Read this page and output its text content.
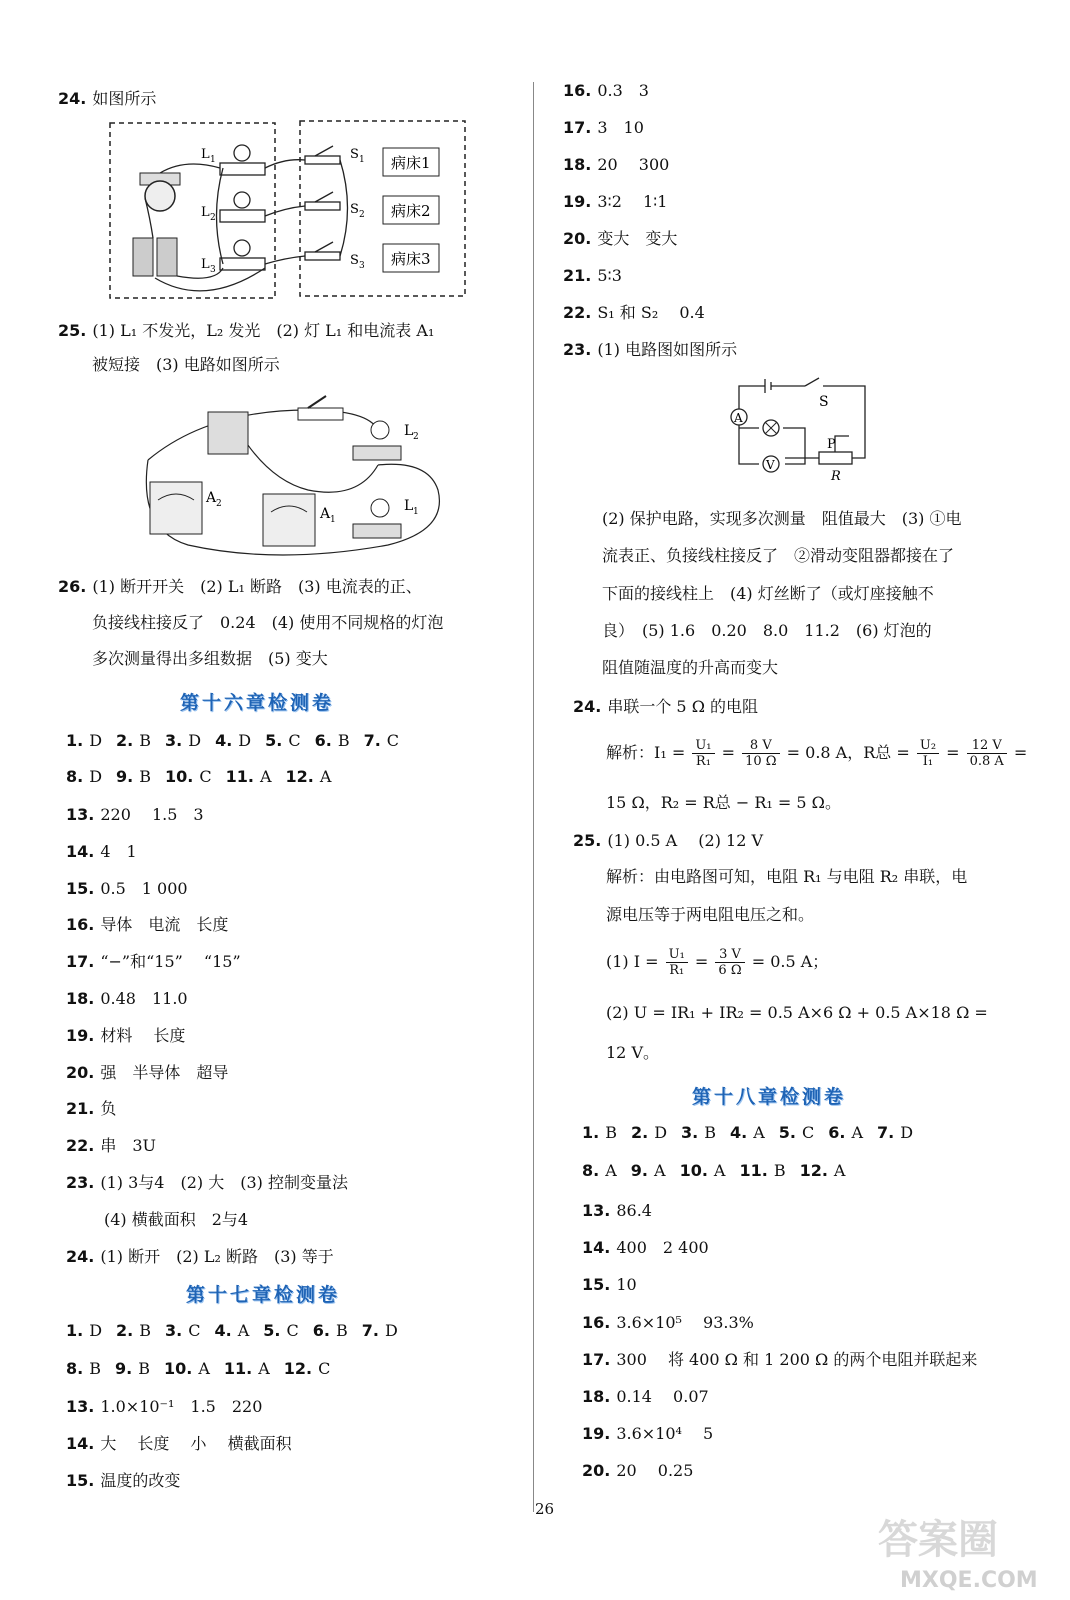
24. 如图所示
L 1
L 2
L 3
S 1
S 2
S 3
病床1
病床2
病床3
25. (1) L₁ 不发光，L₂ 发光　(2) 灯 L₁ 和电流表 A₁
被短接　(3) 电路如图所示
A 2
A 1
L 2
L 1
26. (1) 断开开关　(2) L₁ 断路　(3) 电流表的正、
负接线柱接反了　0.24　(4) 使用不同规格的灯泡
多次测量得出多组数据　(5) 变大
第十六章检测卷
1. D 2. B 3. D 4. D 5. C 6. B 7. C
8. D 9. B 10. C 11. A 12. A
13. 220　 1.5　3
14. 4　1
15. 0.5　1 000
16. 导体　电流　长度
17. “−”和“15”　 “15”
18. 0.48　11.0
19. 材料　 长度
20. 强　半导体　超导
21. 负
22. 串　3U
23. (1) 3与4　(2) 大　(3) 控制变量法
(4) 横截面积　2与4
24. (1) 断开　(2) L₂ 断路　(3) 等于
第十七章检测卷
1. D 2. B 3. C 4. A 5. C 6. B 7. D
8. B 9. B 10. A 11. A 12. C
13. 1.0×10⁻¹　1.5　220
14. 大　 长度　 小　 横截面积
15. 温度的改变
16. 0.3　3
17. 3　10
18. 20　 300
19. 3∶2　 1∶1
20. 变大　变大
21. 5∶3
22. S₁ 和 S₂　 0.4
23. (1) 电路图如图所示
A
V
S
P
R
(2) 保护电路，实现多次测量　阻值最大　(3) ①电
流表正、负接线柱接反了　②滑动变阻器都接在了
下面的接线柱上　(4) 灯丝断了（或灯座接触不
良）　(5) 1.6　0.20　8.0　11.2　(6) 灯泡的
阻值随温度的升高而变大
24. 串联一个 5 Ω 的电阻
解析：$I_1 = \frac{\text{U₁}}{\text{R₁}} = \frac{8 V}{10 \Omega} = 0.8$ A，R总 = $\frac{\text{U₂}}{\text{I₁}} = \frac{12 V}{0.8 A}$ =
15 Ω，R₂ = R总 − R₁ = 5 Ω。
25. (1) 0.5 A　 (2) 12 V
解析：由电路图可知，电阻 R₁ 与电阻 R₂ 串联，电
源电压等于两电阻电压之和。
(1) $I = \frac{\text{U₁}}{\text{R₁}} = \frac{3 V}{6 \Omega} = 0.5$ A；
(2) U = IR₁ + IR₂ = 0.5 A×6 Ω + 0.5 A×18 Ω =
12 V。
第十八章检测卷
1. B 2. D 3. B 4. A 5. C 6. A 7. D
8. A 9. A 10. A 11. B 12. A
13. 86.4
14. 400　2 400
15. 10
16. 3.6×10⁵　 93.3%
17. 300　 将 400 Ω 和 1 200 Ω 的两个电阻并联起来
18. 0.14　 0.07
19. 3.6×10⁴　 5
20. 20　 0.25
26
答案圈
MXQE.COM
